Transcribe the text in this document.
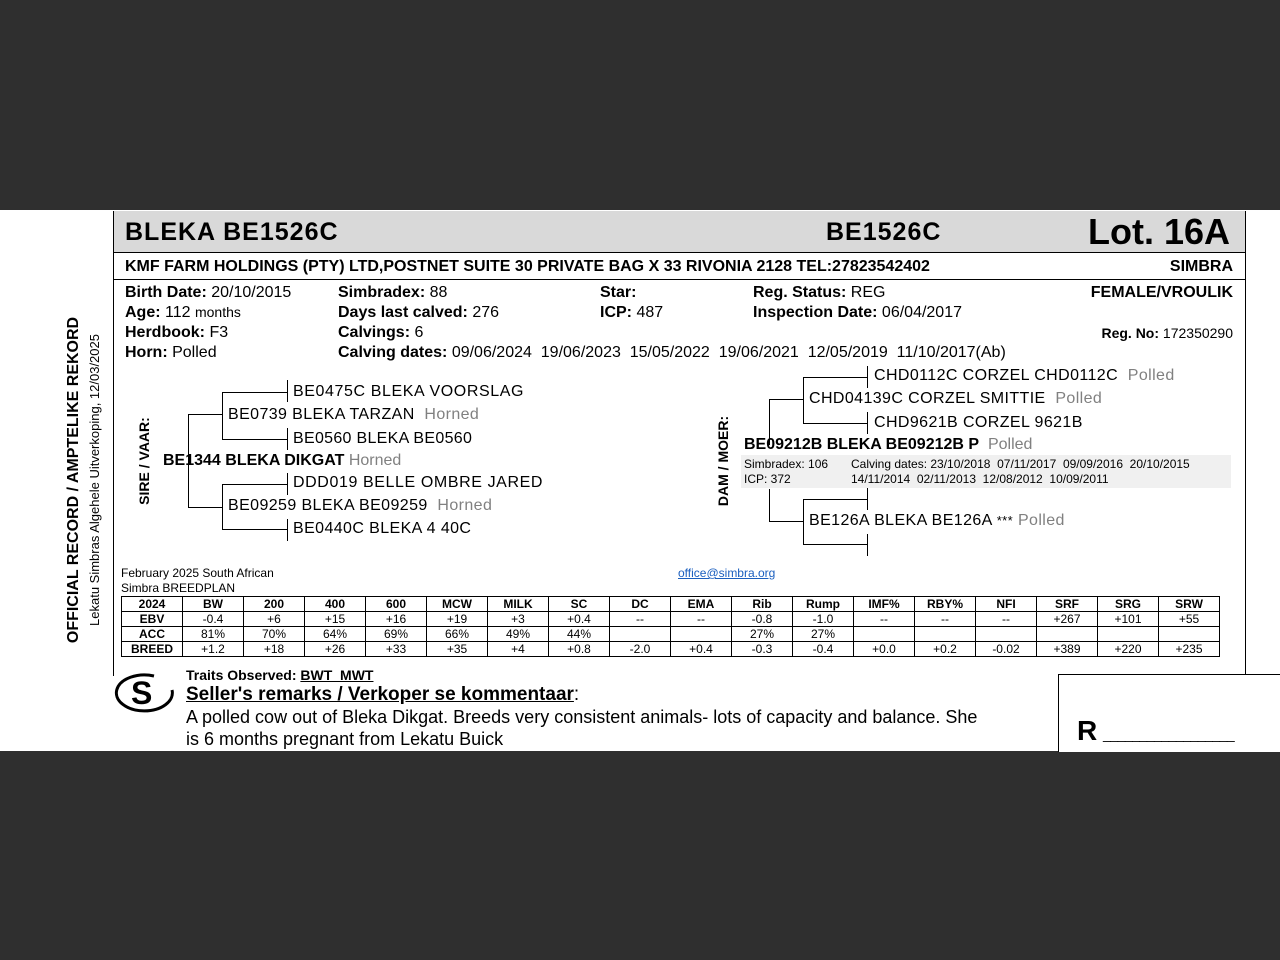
OFFICIAL RECORD / AMPTELIKE REKORD Lekatu Simbras Algehele Uitverkoping, 12/03/2025
BLEKA BE1526C	BE1526C	Lot. 16A
KMF FARM HOLDINGS (PTY) LTD,POSTNET SUITE 30 PRIVATE BAG X 33 RIVONIA 2128 TEL:27823542402	SIMBRA
Birth Date: 20/10/2015
Age: 112 months
Herdbook: F3
Horn: Polled
Simbradex: 88
Days last calved: 276
Calvings: 6
Calving dates: 09/06/2024  19/06/2023  15/05/2022  19/06/2021  12/05/2019  11/10/2017(Ab)
Star:
ICP: 487
Reg. Status: REG
Inspection Date: 06/04/2017
FEMALE/VROULIK
Reg. No: 172350290
SIRE / VAAR:	DAM / MOER:
BE0475C BLEKA VOORSLAG
BE0739 BLEKA TARZAN Horned
BE0560 BLEKA BE0560
BE1344 BLEKA DIKGAT Horned
DDD019 BELLE OMBRE JARED
BE09259 BLEKA BE09259 Horned
BE0440C BLEKA 4 40C
CHD0112C CORZEL CHD0112C Polled
CHD04139C CORZEL SMITTIE Polled
CHD9621B CORZEL 9621B
BE09212B BLEKA BE09212B P Polled
Simbradex: 106
ICP: 372
Calving dates: 23/10/2018  07/11/2017  09/09/2016  20/10/2015
14/11/2014  02/11/2013  12/08/2012  10/09/2011
BE126A BLEKA BE126A *** Polled
February 2025 South African
Simbra BREEDPLAN
office@simbra.org
2024	BW	200	400	600	MCW	MILK	SC	DC	EMA	Rib	Rump	IMF%	RBY%	NFI	SRF	SRG	SRW
EBV	-0.4	+6	+15	+16	+19	+3	+0.4	--	--	-0.8	-1.0	--	--	--	+267	+101	+55
ACC	81%	70%	64%	69%	66%	49%	44%			27%	27%						
BREED	+1.2	+18	+26	+33	+35	+4	+0.8	-2.0	+0.4	-0.3	-0.4	+0.0	+0.2	-0.02	+389	+220	+235
S Traits Observed: BWT  MWT
Seller's remarks / Verkoper se kommentaar:
A polled cow out of Bleka Dikgat. Breeds very consistent animals- lots of capacity and balance. She
is 6 months pregnant from Lekatu Buick	R __________________
